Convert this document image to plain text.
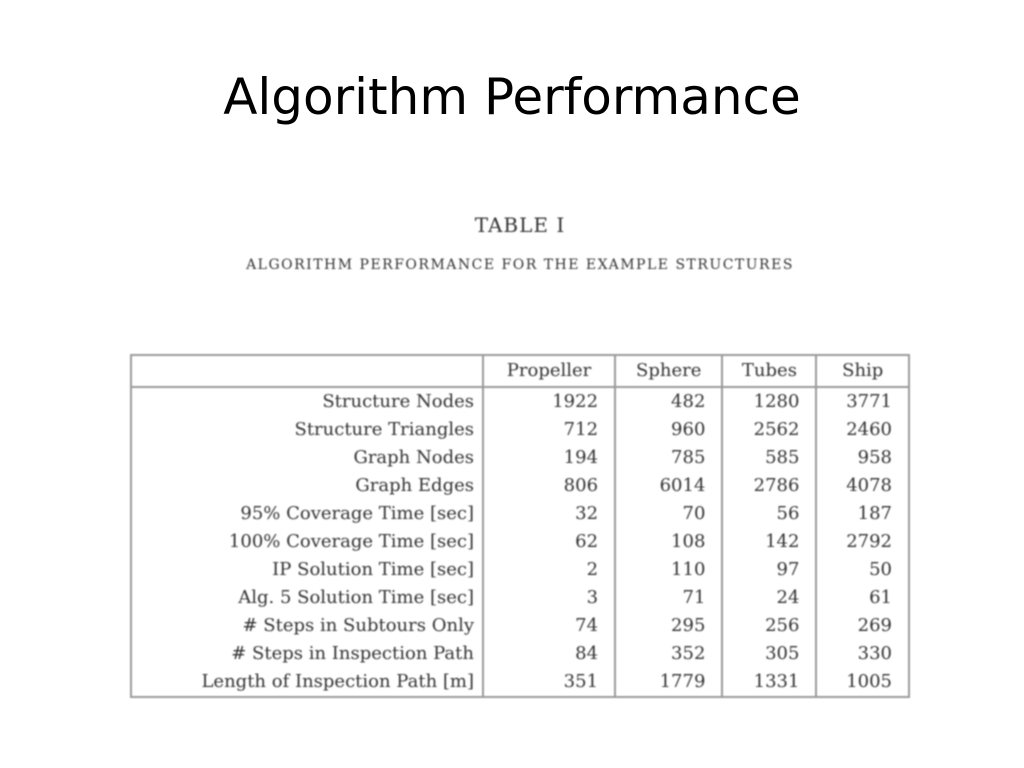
Algorithm Performance
TABLE I
ALGORITHM PERFORMANCE FOR THE EXAMPLE STRUCTURES
	Propeller	Sphere	Tubes	Ship
Structure Nodes	1922	482	1280	3771
Structure Triangles	712	960	2562	2460
Graph Nodes	194	785	585	958
Graph Edges	806	6014	2786	4078
95% Coverage Time [sec]	32	70	56	187
100% Coverage Time [sec]	62	108	142	2792
IP Solution Time [sec]	2	110	97	50
Alg. 5 Solution Time [sec]	3	71	24	61
# Steps in Subtours Only	74	295	256	269
# Steps in Inspection Path	84	352	305	330
Length of Inspection Path [m]	351	1779	1331	1005
